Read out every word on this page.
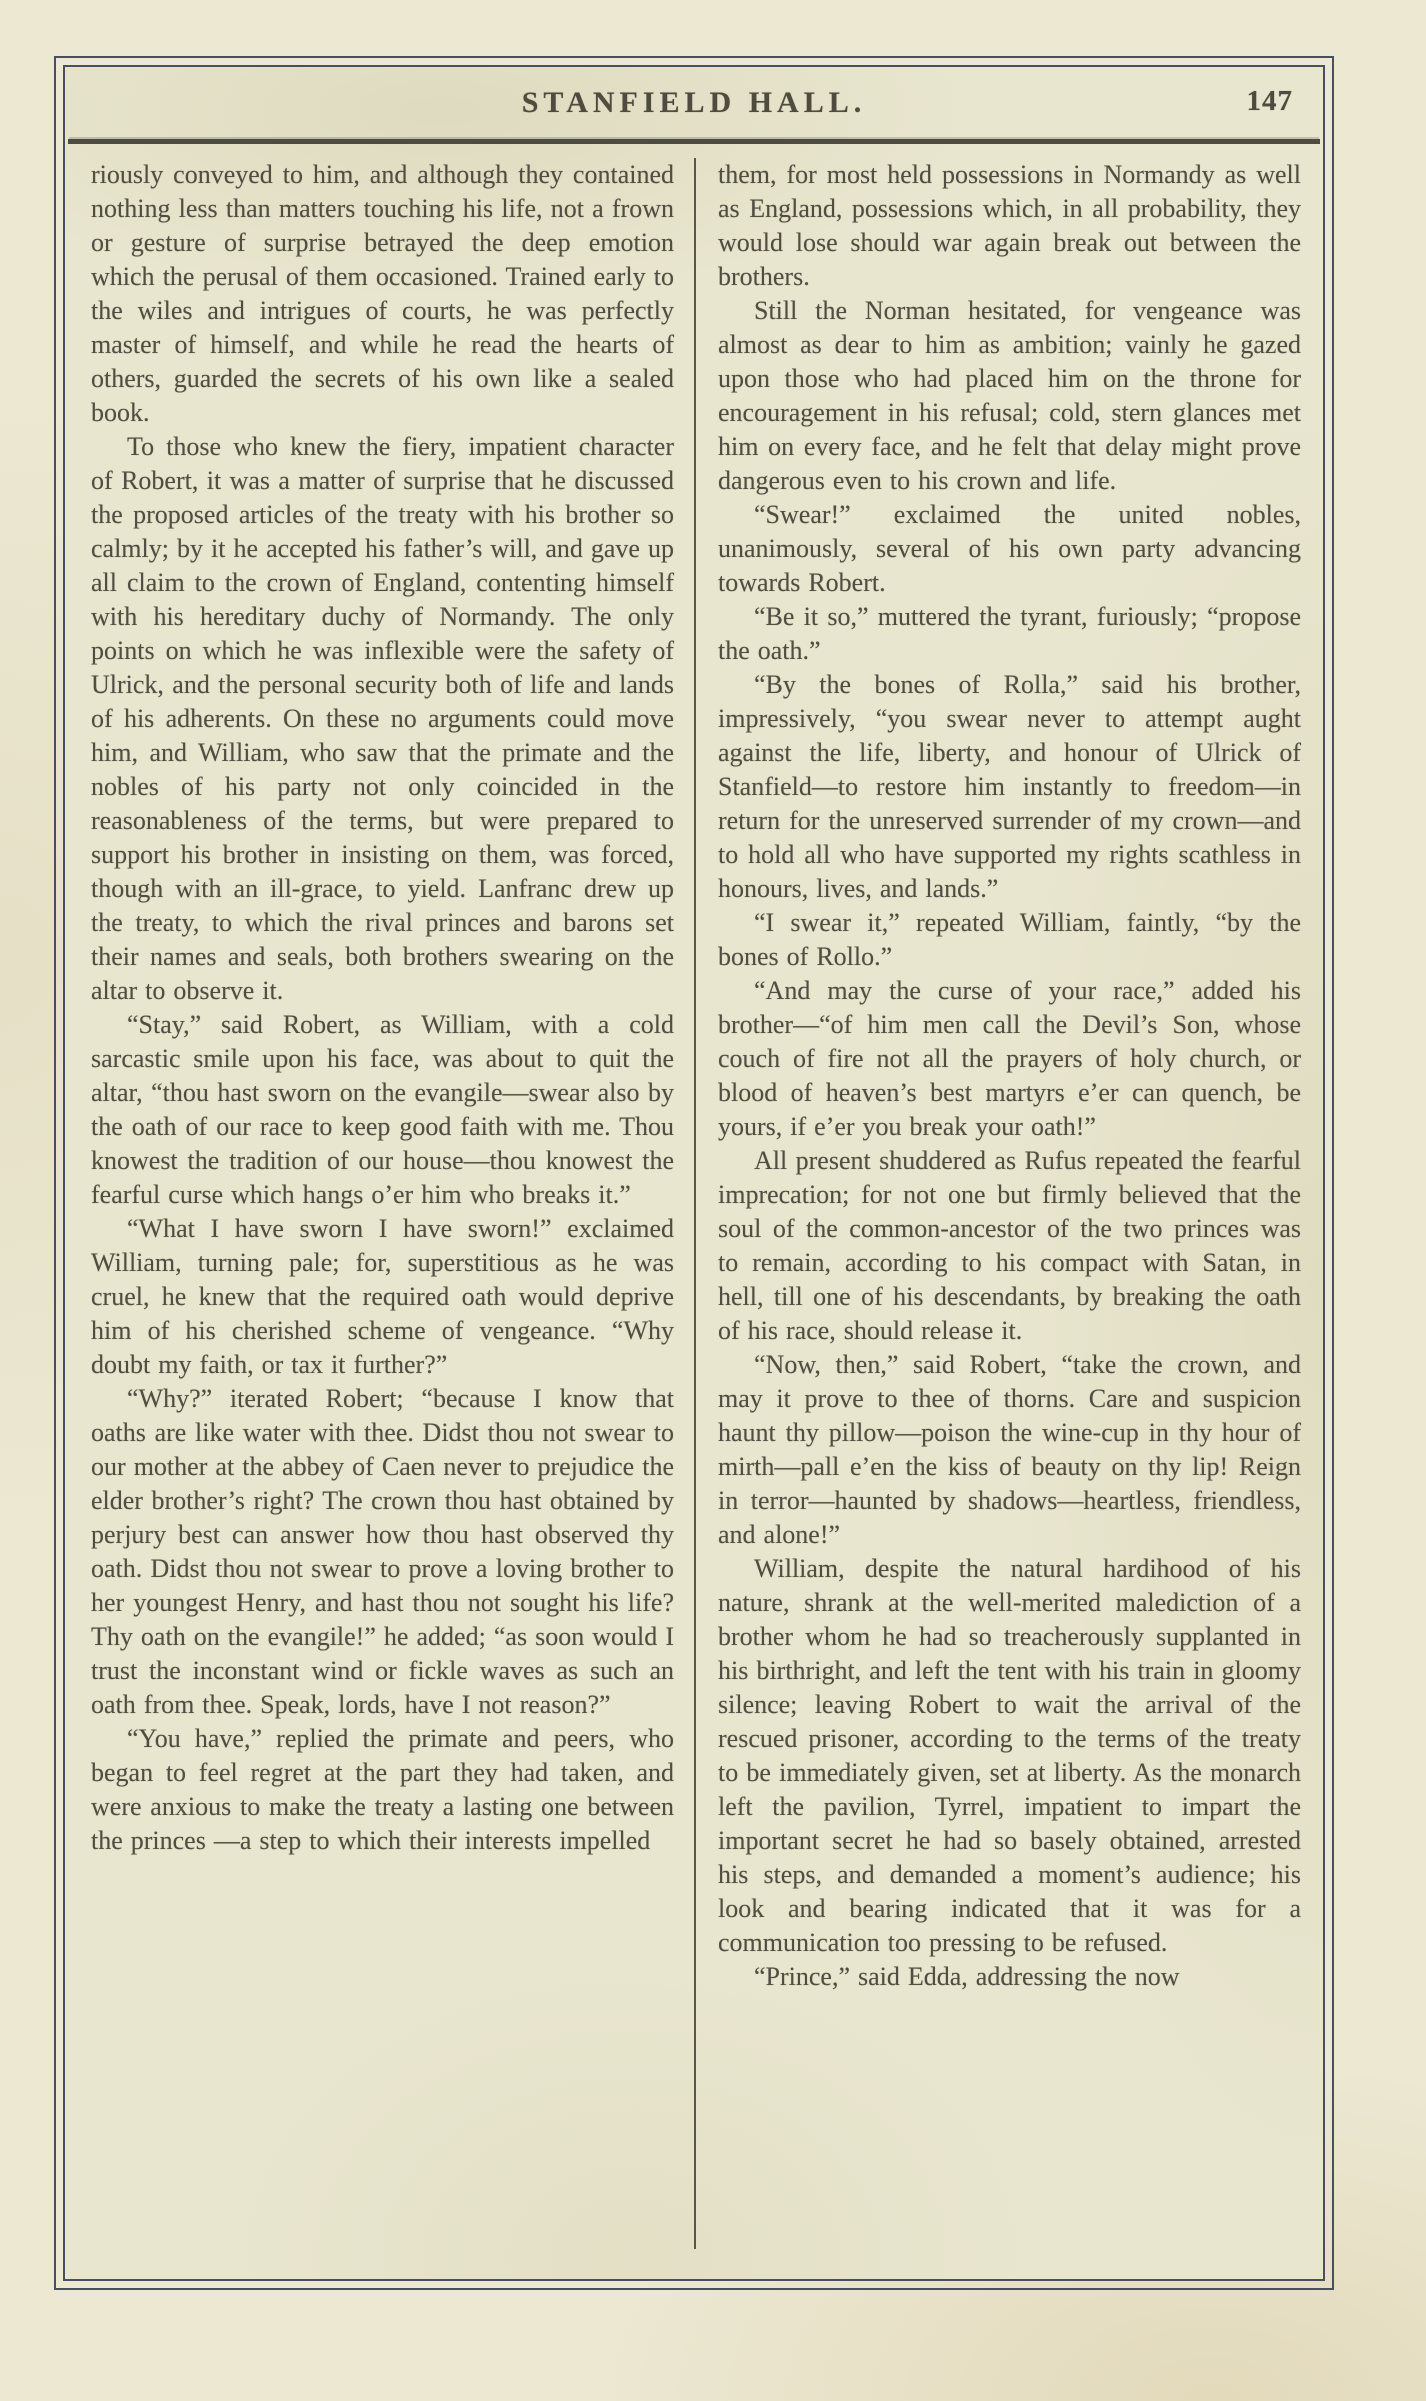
STANFIELD HALL.	147

riously conveyed to him, and although they contained nothing less than matters touching his life, not a frown or gesture of surprise betrayed the deep emotion which the perusal of them occasioned. Trained early to the wiles and intrigues of courts, he was perfectly master of himself, and while he read the hearts of others, guarded the secrets of his own like a sealed book.

To those who knew the fiery, impatient character of Robert, it was a matter of surprise that he discussed the proposed articles of the treaty with his brother so calmly; by it he accepted his father’s will, and gave up all claim to the crown of England, contenting himself with his hereditary duchy of Normandy. The only points on which he was inflexible were the safety of Ulrick, and the personal security both of life and lands of his adherents. On these no arguments could move him, and William, who saw that the primate and the nobles of his party not only coincided in the reasonableness of the terms, but were prepared to support his brother in insisting on them, was forced, though with an ill-grace, to yield. Lanfranc drew up the treaty, to which the rival princes and barons set their names and seals, both brothers swearing on the altar to observe it.

“Stay,” said Robert, as William, with a cold sarcastic smile upon his face, was about to quit the altar, “thou hast sworn on the evangile—swear also by the oath of our race to keep good faith with me. Thou knowest the tradition of our house—thou knowest the fearful curse which hangs o’er him who breaks it.”

“What I have sworn I have sworn!” exclaimed William, turning pale; for, superstitious as he was cruel, he knew that the required oath would deprive him of his cherished scheme of vengeance. “Why doubt my faith, or tax it further?”

“Why?” iterated Robert; “because I know that oaths are like water with thee. Didst thou not swear to our mother at the abbey of Caen never to prejudice the elder brother’s right? The crown thou hast obtained by perjury best can answer how thou hast observed thy oath. Didst thou not swear to prove a loving brother to her youngest Henry, and hast thou not sought his life? Thy oath on the evangile!” he added; “as soon would I trust the inconstant wind or fickle waves as such an oath from thee. Speak, lords, have I not reason?”

“You have,” replied the primate and peers, who began to feel regret at the part they had taken, and were anxious to make the treaty a lasting one between the princes —a step to which their interests impelled

them, for most held possessions in Normandy as well as England, possessions which, in all probability, they would lose should war again break out between the brothers.

Still the Norman hesitated, for vengeance was almost as dear to him as ambition; vainly he gazed upon those who had placed him on the throne for encouragement in his refusal; cold, stern glances met him on every face, and he felt that delay might prove dangerous even to his crown and life.

“Swear!” exclaimed the united nobles, unanimously, several of his own party advancing towards Robert.

“Be it so,” muttered the tyrant, furiously; “propose the oath.”

“By the bones of Rolla,” said his brother, impressively, “you swear never to attempt aught against the life, liberty, and honour of Ulrick of Stanfield—to restore him instantly to freedom—in return for the unreserved surrender of my crown—and to hold all who have supported my rights scathless in honours, lives, and lands.”

“I swear it,” repeated William, faintly, “by the bones of Rollo.”

“And may the curse of your race,” added his brother—“of him men call the Devil’s Son, whose couch of fire not all the prayers of holy church, or blood of heaven’s best martyrs e’er can quench, be yours, if e’er you break your oath!”

All present shuddered as Rufus repeated the fearful imprecation; for not one but firmly believed that the soul of the common-ancestor of the two princes was to remain, according to his compact with Satan, in hell, till one of his descendants, by breaking the oath of his race, should release it.

“Now, then,” said Robert, “take the crown, and may it prove to thee of thorns. Care and suspicion haunt thy pillow—poison the wine-cup in thy hour of mirth—pall e’en the kiss of beauty on thy lip! Reign in terror—haunted by shadows—heartless, friendless, and alone!”

William, despite the natural hardihood of his nature, shrank at the well-merited malediction of a brother whom he had so treacherously supplanted in his birthright, and left the tent with his train in gloomy silence; leaving Robert to wait the arrival of the rescued prisoner, according to the terms of the treaty to be immediately given, set at liberty. As the monarch left the pavilion, Tyrrel, impatient to impart the important secret he had so basely obtained, arrested his steps, and demanded a moment’s audience; his look and bearing indicated that it was for a communication too pressing to be refused.

“Prince,” said Edda, addressing the now
